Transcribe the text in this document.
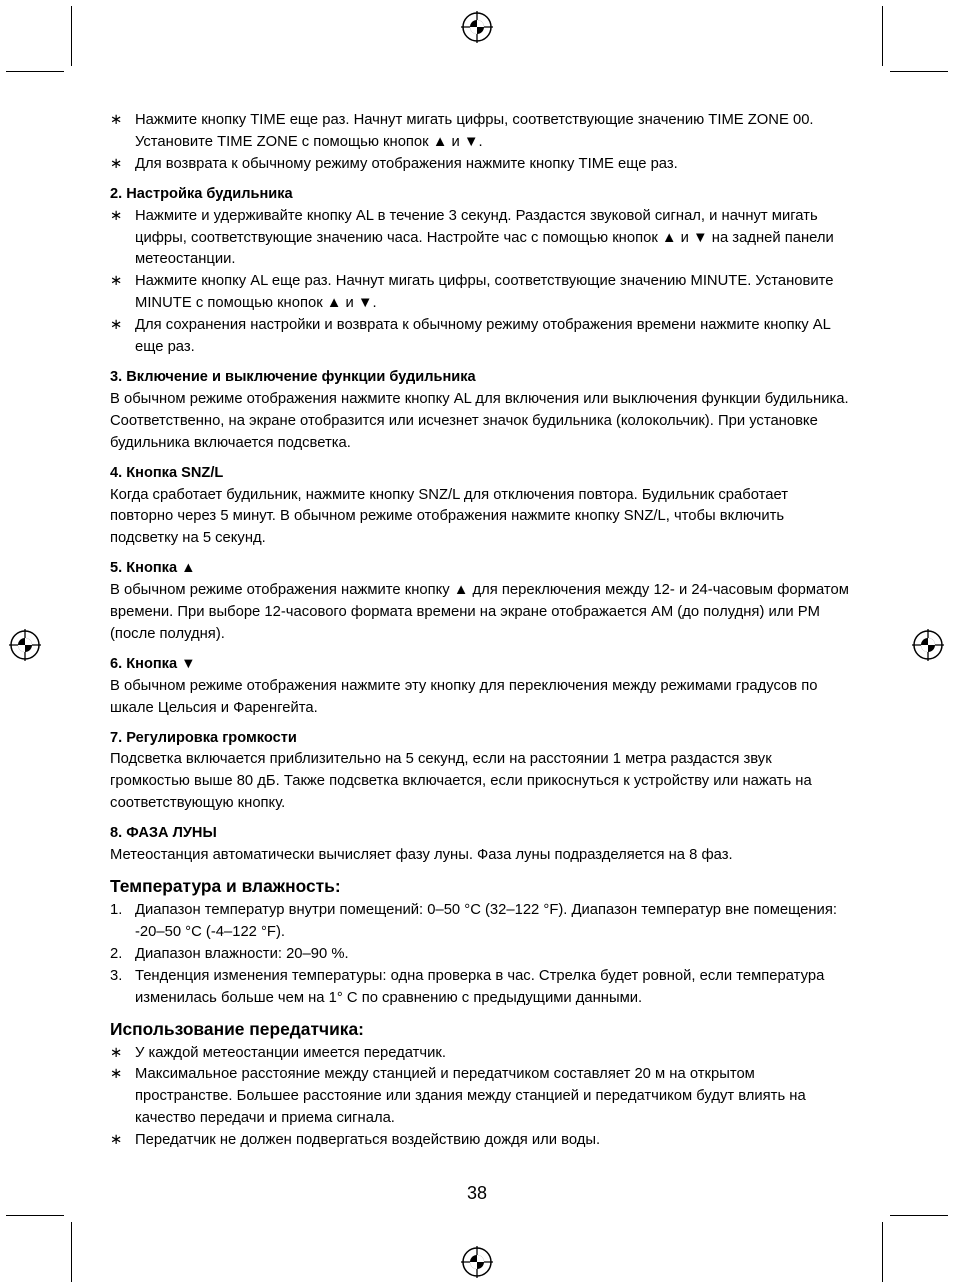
∗ Нажмите кнопку TIME еще раз. Начнут мигать цифры, соответствующие значению TIME ZONE 00. Установите TIME ZONE с помощью кнопок ▲ и ▼.
∗ Для возврата к обычному режиму отображения нажмите кнопку TIME еще раз.
2. Настройка будильника
∗ Нажмите и удерживайте кнопку AL в течение 3 секунд. Раздастся звуковой сигнал, и начнут мигать цифры, соответствующие значению часа. Настройте час с помощью кнопок ▲ и ▼ на задней панели метеостанции.
∗ Нажмите кнопку AL еще раз. Начнут мигать цифры, соответствующие значению MINUTE. Установите MINUTE с помощью кнопок ▲ и ▼.
∗ Для сохранения настройки и возврата к обычному режиму отображения времени нажмите кнопку AL еще раз.
3. Включение и выключение функции будильника
В обычном режиме отображения нажмите кнопку AL для включения или выключения функции будильника. Соответственно, на экране отобразится или исчезнет значок будильника (колокольчик). При установке будильника включается подсветка.
4. Кнопка SNZ/L
Когда сработает будильник, нажмите кнопку SNZ/L для отключения повтора. Будильник сработает повторно через 5 минут. В обычном режиме отображения нажмите кнопку SNZ/L, чтобы включить подсветку на 5 секунд.
5. Кнопка ▲
В обычном режиме отображения нажмите кнопку ▲ для переключения между 12- и 24-часовым форматом времени. При выборе 12-часового формата времени на экране отображается AM (до полудня) или PM (после полудня).
6. Кнопка ▼
В обычном режиме отображения нажмите эту кнопку для переключения между режимами градусов по шкале Цельсия и Фаренгейта.
7. Регулировка громкости
Подсветка включается приблизительно на 5 секунд, если на расстоянии 1 метра раздастся звук громкостью выше 80 дБ. Также подсветка включается, если прикоснуться к устройству или нажать на соответствующую кнопку.
8. ФАЗА ЛУНЫ
Метеостанция автоматически вычисляет фазу луны. Фаза луны подразделяется на 8 фаз.
Температура и влажность:
1. Диапазон температур внутри помещений: 0–50 °C (32–122 °F). Диапазон температур вне помещения: -20–50 °C (-4–122 °F).
2. Диапазон влажности: 20–90 %.
3. Тенденция изменения температуры: одна проверка в час. Стрелка будет ровной, если температура изменилась больше чем на 1° C по сравнению с предыдущими данными.
Использование передатчика:
∗ У каждой метеостанции имеется передатчик.
∗ Максимальное расстояние между станцией и передатчиком составляет 20 м на открытом пространстве. Большее расстояние или здания между станцией и передатчиком будут влиять на качество передачи и приема сигнала.
∗ Передатчик не должен подвергаться воздействию дождя или воды.
38
